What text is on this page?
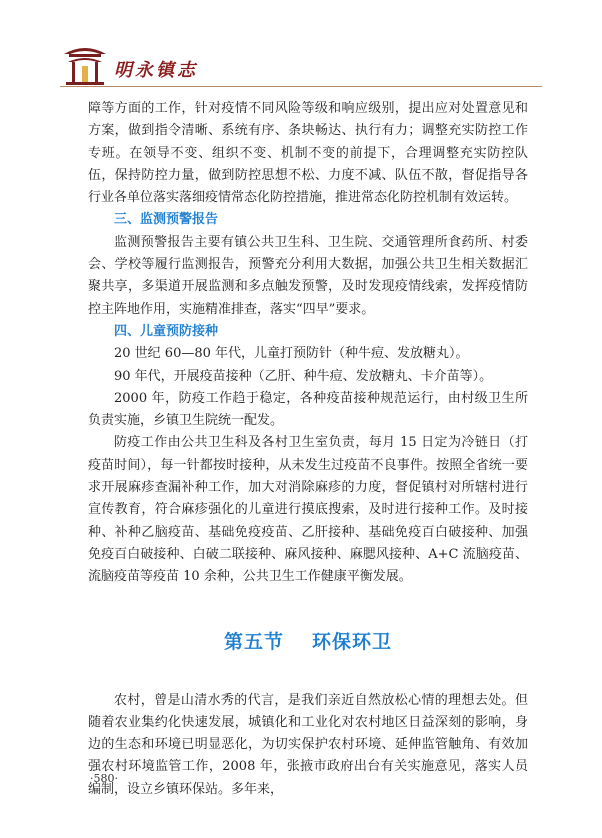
明永镇志

障等方面的工作，针对疫情不同风险等级和响应级别，提出应对处置意见和方案，做到指令清晰、系统有序、条块畅达、执行有力；调整充实防控工作专班。在领导不变、组织不变、机制不变的前提下，合理调整充实防控队伍，保持防控力量，做到防控思想不松、力度不减、队伍不散，督促指导各行业各单位落实落细疫情常态化防控措施，推进常态化防控机制有效运转。

三、监测预警报告

监测预警报告主要有镇公共卫生科、卫生院、交通管理所食药所、村委会、学校等履行监测报告，预警充分利用大数据，加强公共卫生相关数据汇聚共享，多渠道开展监测和多点触发预警，及时发现疫情线索，发挥疫情防控主阵地作用，实施精准排查，落实“四早”要求。

四、儿童预防接种

20 世纪 60—80 年代，儿童打预防针（种牛痘、发放糖丸）。

90 年代，开展疫苗接种（乙肝、种牛痘、发放糖丸、卡介苗等）。

2000 年，防疫工作趋于稳定，各种疫苗接种规范运行，由村级卫生所负责实施，乡镇卫生院统一配发。

防疫工作由公共卫生科及各村卫生室负责，每月 15 日定为冷链日（打疫苗时间），每一针都按时接种，从未发生过疫苗不良事件。按照全省统一要求开展麻疹查漏补种工作，加大对消除麻疹的力度，督促镇村对所辖村进行宣传教育，符合麻疹强化的儿童进行摸底搜索，及时进行接种工作。及时接种、补种乙脑疫苗、基础免疫疫苗、乙肝接种、基础免疫百白破接种、加强免疫百白破接种、白破二联接种、麻风接种、麻腮风接种、A+C 流脑疫苗、流脑疫苗等疫苗 10 余种，公共卫生工作健康平衡发展。

第五节 环保环卫

农村，曾是山清水秀的代言，是我们亲近自然放松心情的理想去处。但随着农业集约化快速发展，城镇化和工业化对农村地区日益深刻的影响，身边的生态和环境已明显恶化，为切实保护农村环境、延伸监管触角、有效加强农村环境监管工作，2008 年，张掖市政府出台有关实施意见，落实人员编制，设立乡镇环保站。多年来，

·580·
